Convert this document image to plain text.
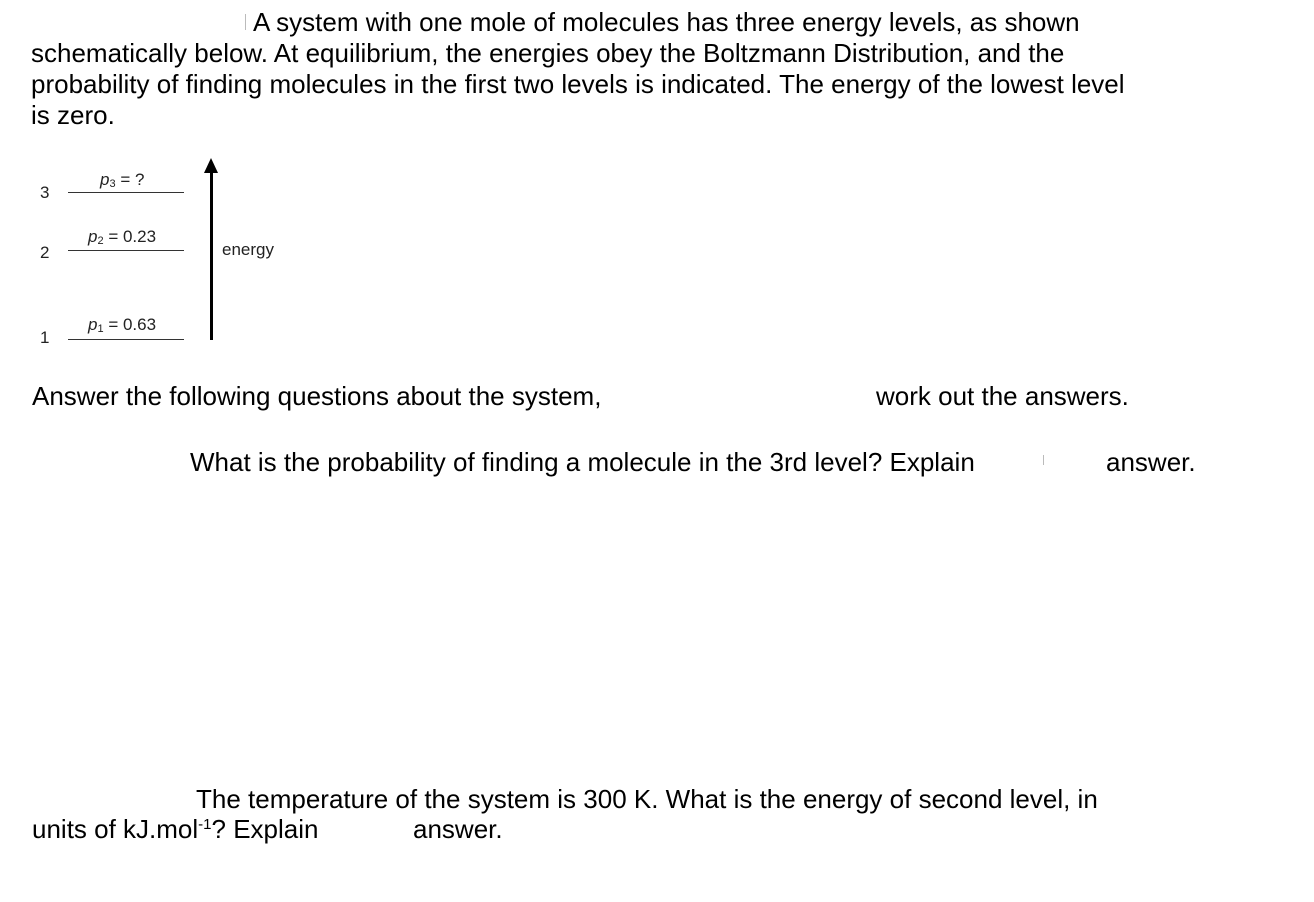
A system with one mole of molecules has three energy levels, as shown
schematically below. At equilibrium, the energies obey the Boltzmann Distribution, and the
probability of finding molecules in the first two levels is indicated. The energy of the lowest level
is zero.
3
$p_3$ = ?
2
$p_2 = 0.23$
1
$p_1 = 0.63$
energy
Answer the following questions about the system,	work out the answers.
What is the probability of finding a molecule in the 3rd level? Explain	answer.
The temperature of the system is 300 K. What is the energy of second level, in
units of kJ.mol$^{-1}$? Explain	answer.
